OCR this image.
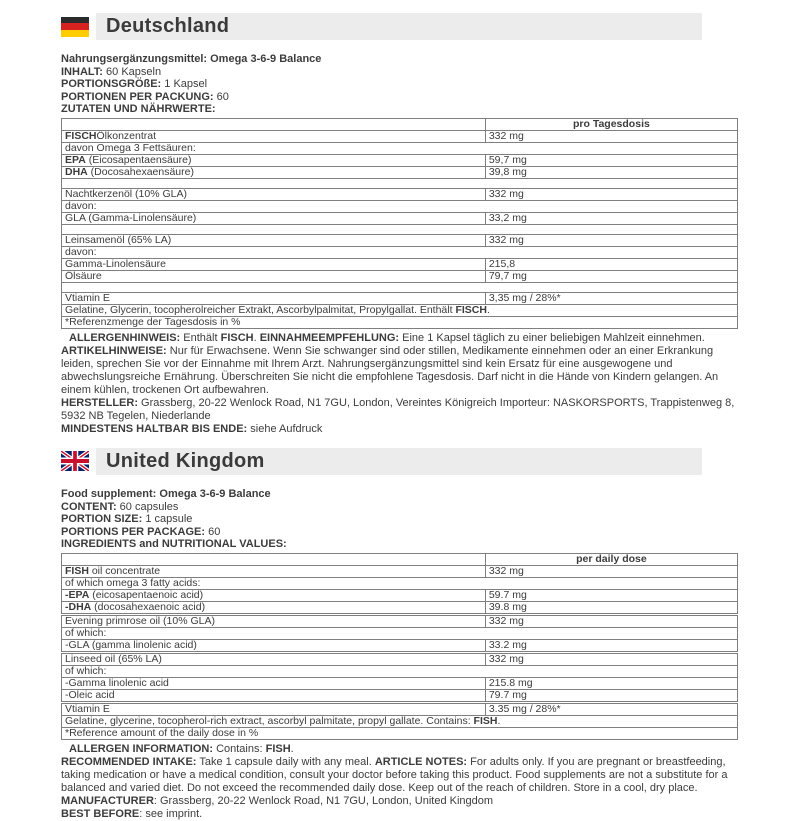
Deutschland
Nahrungsergänzungsmittel: Omega 3-6-9 Balance
INHALT: 60 Kapseln
PORTIONSGRÖßE: 1 Kapsel
PORTIONEN PER PACKUNG: 60
ZUTATEN UND NÄHRWERTE:
	pro Tagesdosis
FISCHÖlkonzentrat	332 mg
davon Omega 3 Fettsäuren:	
EPA (Eicosapentaensäure)	59,7 mg
DHA (Docosahexaensäure)	39,8 mg

Nachtkerzenöl (10% GLA)	332 mg
davon:	
GLA (Gamma-Linolensäure)	33,2 mg

Leinsamenöl (65% LA)	332 mg
davon:	
Gamma-Linolensäure	215,8
Ölsäure	79,7 mg

Vtiamin E	3,35 mg / 28%*
Gelatine, Glycerin, tocopherolreicher Extrakt, Ascorbylpalmitat, Propylgallat. Enthält FISCH.	
*Referenzmenge der Tagesdosis in %	
ALLERGENHINWEIS: Enthält FISCH. EINNAHMEEMPFEHLUNG: Eine 1 Kapsel täglich zu einer beliebigen Mahlzeit einnehmen. ARTIKELHINWEISE: Nur für Erwachsene. Wenn Sie schwanger sind oder stillen, Medikamente einnehmen oder an einer Erkrankung leiden, sprechen Sie vor der Einnahme mit Ihrem Arzt. Nahrungsergänzungsmittel sind kein Ersatz für eine ausgewogene und abwechslungsreiche Ernährung. Überschreiten Sie nicht die empfohlene Tagesdosis. Darf nicht in die Hände von Kindern gelangen. An einem kühlen, trockenen Ort aufbewahren.
HERSTELLER: Grassberg, 20-22 Wenlock Road, N1 7GU, London, Vereintes Königreich Importeur: NASKORSPORTS, Trappistenweg 8, 5932 NB Tegelen, Niederlande
MINDESTENS HALTBAR BIS ENDE: siehe Aufdruck
United Kingdom
Food supplement: Omega 3-6-9 Balance
CONTENT: 60 capsules
PORTION SIZE: 1 capsule
PORTIONS PER PACKAGE: 60
INGREDIENTS and NUTRITIONAL VALUES:
	per daily dose
FISH oil concentrate	332 mg
of which omega 3 fatty acids:	
-EPA (eicosapentaenoic acid)	59.7 mg
-DHA (docosahexaenoic acid)	39.8 mg
Evening primrose oil (10% GLA)	332 mg
of which:	
-GLA (gamma linolenic acid)	33.2 mg
Linseed oil (65% LA)	332 mg
of which:	
-Gamma linolenic acid	215.8 mg
-Oleic acid	79.7 mg
Vtiamin E	3.35 mg / 28%*
Gelatine, glycerine, tocopherol-rich extract, ascorbyl palmitate, propyl gallate. Contains: FISH.	
*Reference amount of the daily dose in %	
ALLERGEN INFORMATION: Contains: FISH.
RECOMMENDED INTAKE: Take 1 capsule daily with any meal. ARTICLE NOTES: For adults only. If you are pregnant or breastfeeding, taking medication or have a medical condition, consult your doctor before taking this product. Food supplements are not a substitute for a balanced and varied diet. Do not exceed the recommended daily dose. Keep out of the reach of children. Store in a cool, dry place.
MANUFACTURER: Grassberg, 20-22 Wenlock Road, N1 7GU, London, United Kingdom
BEST BEFORE: see imprint.
